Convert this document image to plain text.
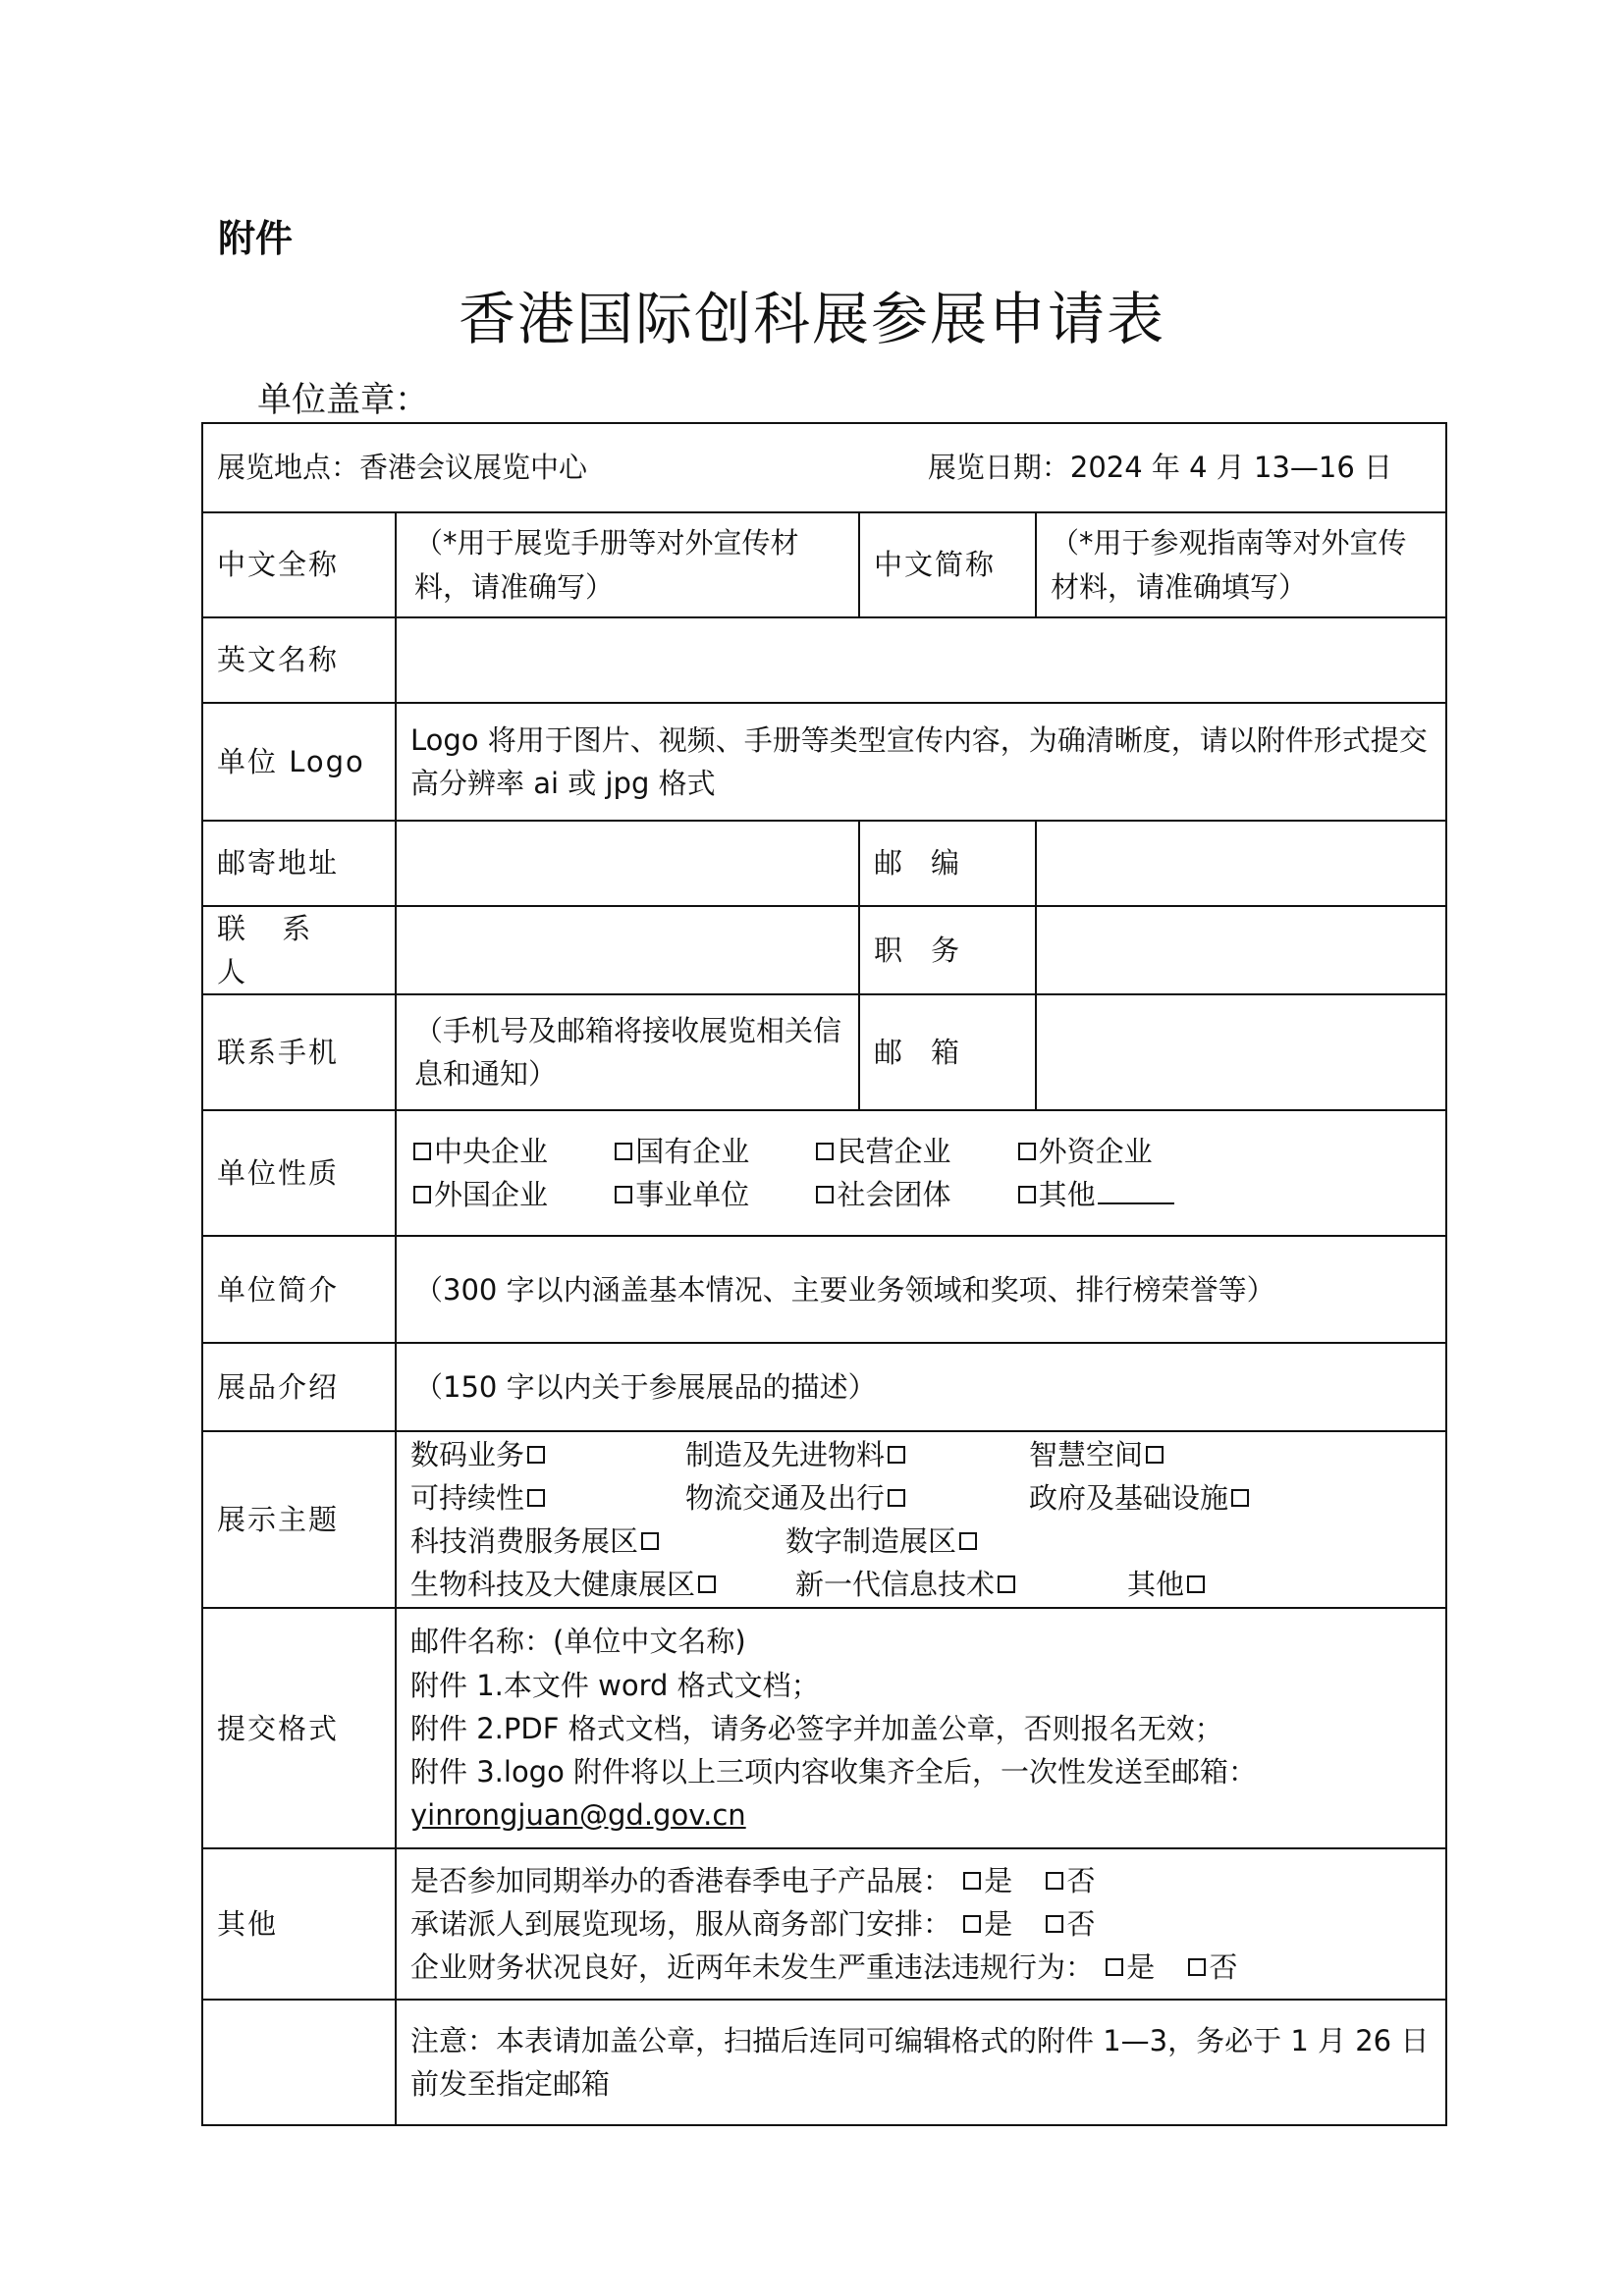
附件
香港国际创科展参展申请表
单位盖章：
展览地点：香港会议展览中心 展览日期：2024 年 4 月 13—16 日			

中文全称	（*用于展览手册等对外宣传材料，请准确写）	中文简称	（*用于参观指南等对外宣传材料，请准确填写）
英文名称			
单位 Logo	Logo 将用于图片、视频、手册等类型宣传内容，为确清晰度，请以附件形式提交高分辨率 ai 或 jpg 格式		
邮寄地址		邮　编	
联 系 人		职　务	
联系手机	（手机号及邮箱将接收展览相关信息和通知）	邮　箱	
单位性质	中央企业 国有企业 民营企业 外资企业
外国企业 事业单位 社会团体 其他		

单位简介	（300 字以内涵盖基本情况、主要业务领域和奖项、排行榜荣誉等）		
展品介绍	（150 字以内关于参展展品的描述）		
展示主题	数码业务 制造及先进物料 智慧空间
可持续性 物流交通及出行 政府及基础设施
科技消费服务展区 数字制造展区
生物科技及大健康展区 新一代信息技术 其他		

提交格式	邮件名称：(单位中文名称)
附件 1.本文件 word 格式文档；
附件 2.PDF 格式文档，请务必签字并加盖公章，否则报名无效；
附件 3.logo 附件将以上三项内容收集齐全后，一次性发送至邮箱：
yinrongjuan@gd.gov.cn		

其他	是否参加同期举办的香港春季电子产品展： 是 否
承诺派人到展览现场，服从商务部门安排： 是 否
企业财务状况良好，近两年未发生严重违法违规行为： 是 否		

	注意：本表请加盖公章，扫描后连同可编辑格式的附件 1—3，务必于 1 月 26 日前发至指定邮箱		
